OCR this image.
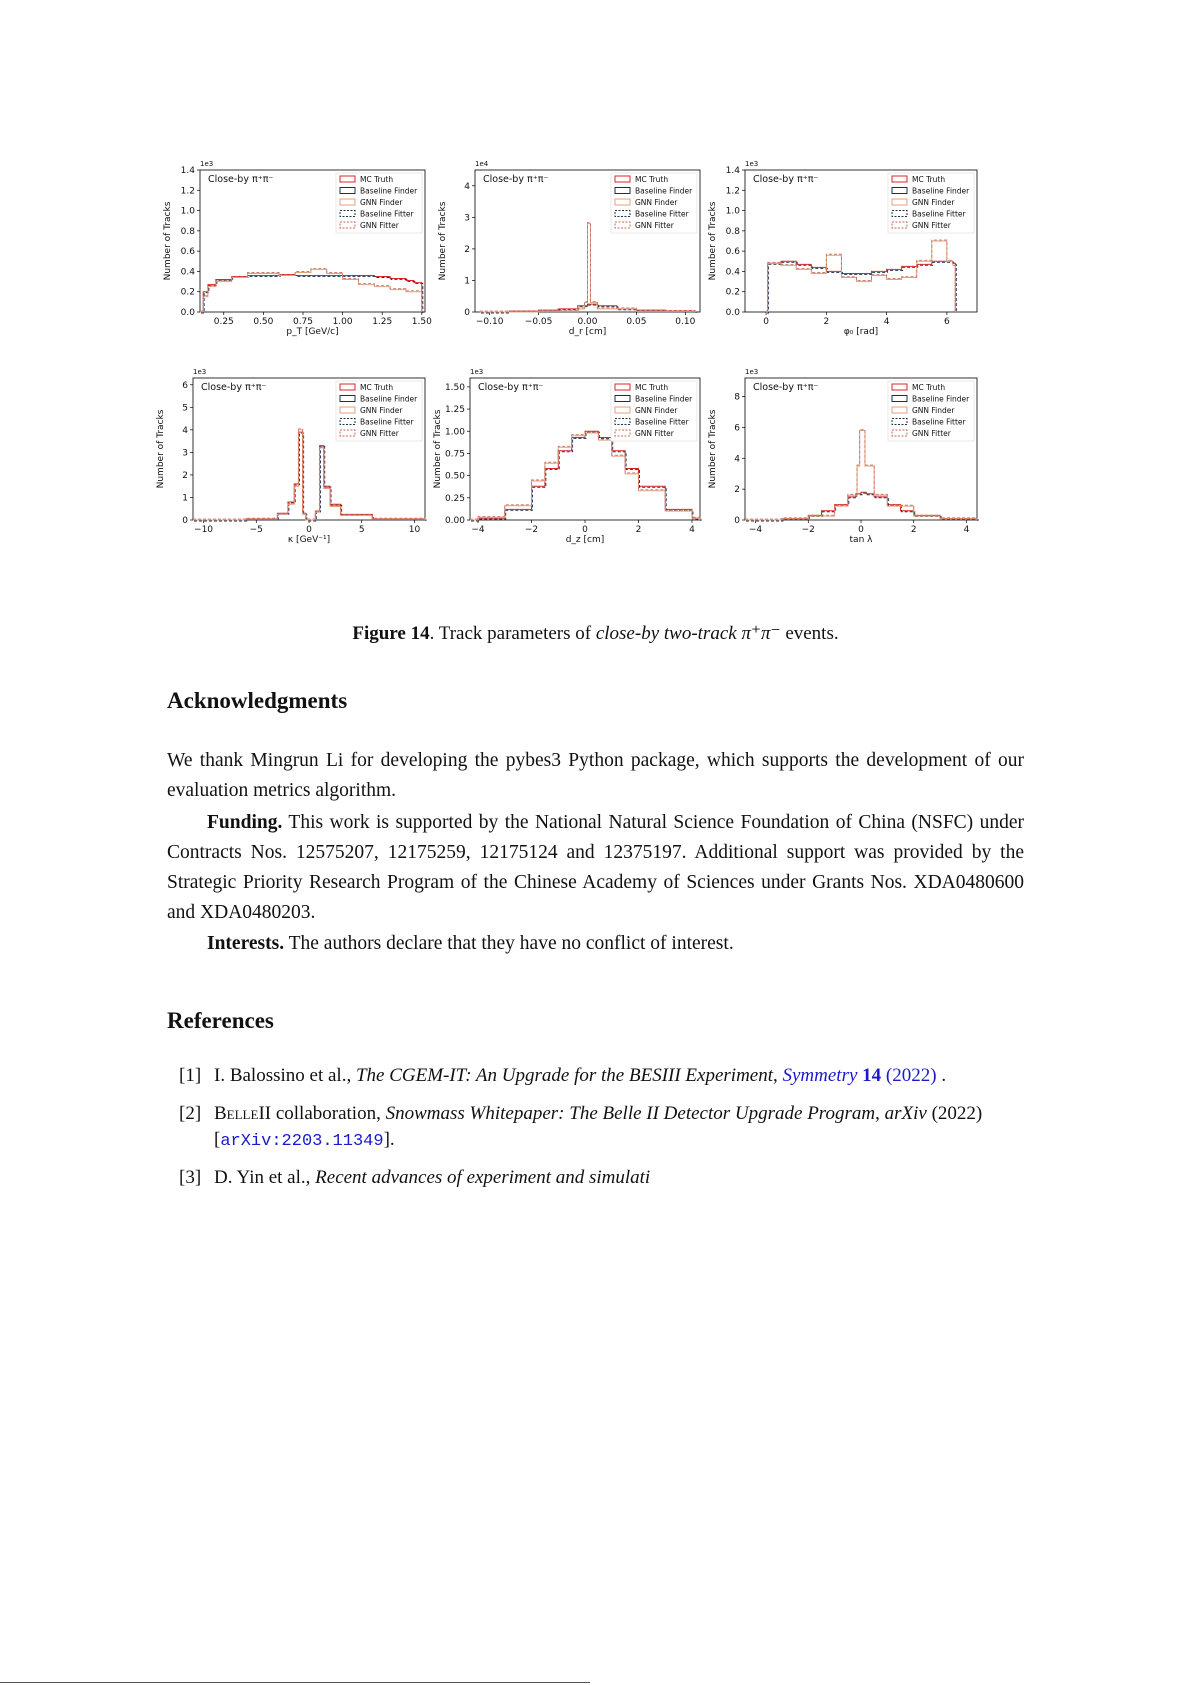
0.25 0.50 0.75 1.00 1.25 1.50
0.0
0.2
0.4
0.6
0.8
1.0
1.2
1.4
1e3
p_T [GeV/c]
Number of Tracks
Close-by π⁺π⁻	MC Truth
Baseline Finder
GNN Finder
Baseline Fitter
GNN Fitter
−0.10 −0.05	0.00	0.05	0.10
0
1
2
3
4
1e4
d_r [cm]
Number of Tracks
Close-by π⁺π⁻	MC Truth
Baseline Finder
GNN Finder
Baseline Fitter
GNN Fitter
0	2	4	6
0.0
0.2
0.4
0.6
0.8
1.0
1.2
1.4
1e3
φ₀ [rad]
Number of Tracks
Close-by π⁺π⁻	MC Truth
Baseline Finder
GNN Finder
Baseline Fitter
GNN Fitter
−10	−5	0	5	10
0
1
2
3
4
5
6
1e3
κ [GeV⁻¹]
Number of Tracks
Close-by π⁺π⁻	MC Truth
Baseline Finder
GNN Finder
Baseline Fitter
GNN Fitter
−4	−2	0	2	4
0.00
0.25
0.50
0.75
1.00
1.25
1.50
1e3
d_z [cm]
Number of Tracks
Close-by π⁺π⁻	MC Truth
Baseline Finder
GNN Finder
Baseline Fitter
GNN Fitter
−4	−2	0	2	4
0
2
4
6
8
1e3
tan λ
Number of Tracks
Close-by π⁺π⁻	MC Truth
Baseline Finder
GNN Finder
Baseline Fitter
GNN Fitter
Figure 14. Track parameters of close-by two-track π⁺π⁻ events.
Acknowledgments

We thank Mingrun Li for developing the pybes3 Python package, which supports the development of our evaluation metrics algorithm.

Funding. This work is supported by the National Natural Science Foundation of China (NSFC) under Contracts Nos. 12575207, 12175259, 12175124 and 12375197. Additional support was provided by the Strategic Priority Research Program of the Chinese Academy of Sciences under Grants Nos. XDA0480600 and XDA0480203.

Interests. The authors declare that they have no conflict of interest.

References
[1] I. Balossino et al., The CGEM-IT: An Upgrade for the BESIII Experiment, Symmetry 14 (2022) .
[2] BelleII collaboration, Snowmass Whitepaper: The Belle II Detector Upgrade Program, arXiv (2022)
[arXiv:2203.11349].
[3] D. Yin et al., Recent advances of experiment and simulati
